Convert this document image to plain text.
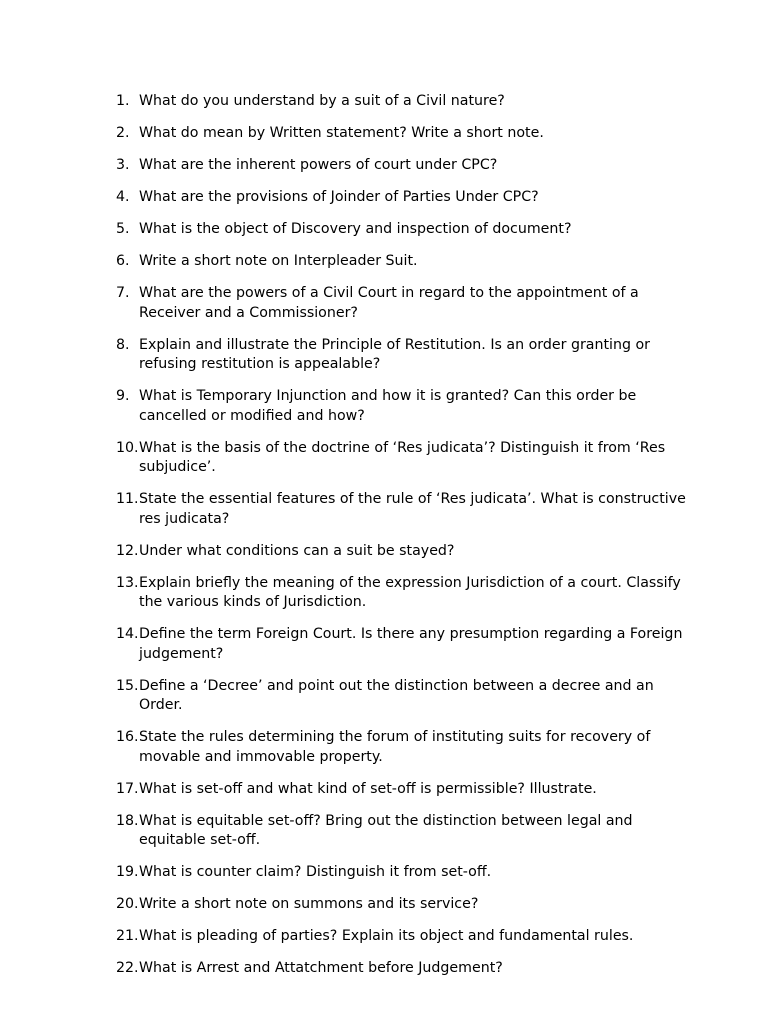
1. What do you understand by a suit of a Civil nature?
2. What do mean by Written statement? Write a short note.
3. What are the inherent powers of court under CPC?
4. What are the provisions of Joinder of Parties Under CPC?
5. What is the object of Discovery and inspection of document?
6. Write a short note on Interpleader Suit.
7. What are the powers of a Civil Court in regard to the appointment of a Receiver and a Commissioner?
8. Explain and illustrate the Principle of Restitution. Is an order granting or refusing restitution is appealable?
9. What is Temporary Injunction and how it is granted? Can this order be cancelled or modified and how?
10. What is the basis of the doctrine of ‘Res judicata’? Distinguish it from ‘Res subjudice’.
11. State the essential features of the rule of ‘Res judicata’. What is constructive res judicata?
12. Under what conditions can a suit be stayed?
13. Explain briefly the meaning of the expression Jurisdiction of a court. Classify the various kinds of Jurisdiction.
14. Define the term Foreign Court. Is there any presumption regarding a Foreign judgement?
15. Define a ‘Decree’ and point out the distinction between a decree and an Order.
16. State the rules determining the forum of instituting suits for recovery of movable and immovable property.
17. What is set-off and what kind of set-off is permissible? Illustrate.
18. What is equitable set-off? Bring out the distinction between legal and equitable set-off.
19. What is counter claim? Distinguish it from set-off.
20. Write a short note on summons and its service?
21. What is pleading of parties? Explain its object and fundamental rules.
22. What is Arrest and Attatchment before Judgement?
